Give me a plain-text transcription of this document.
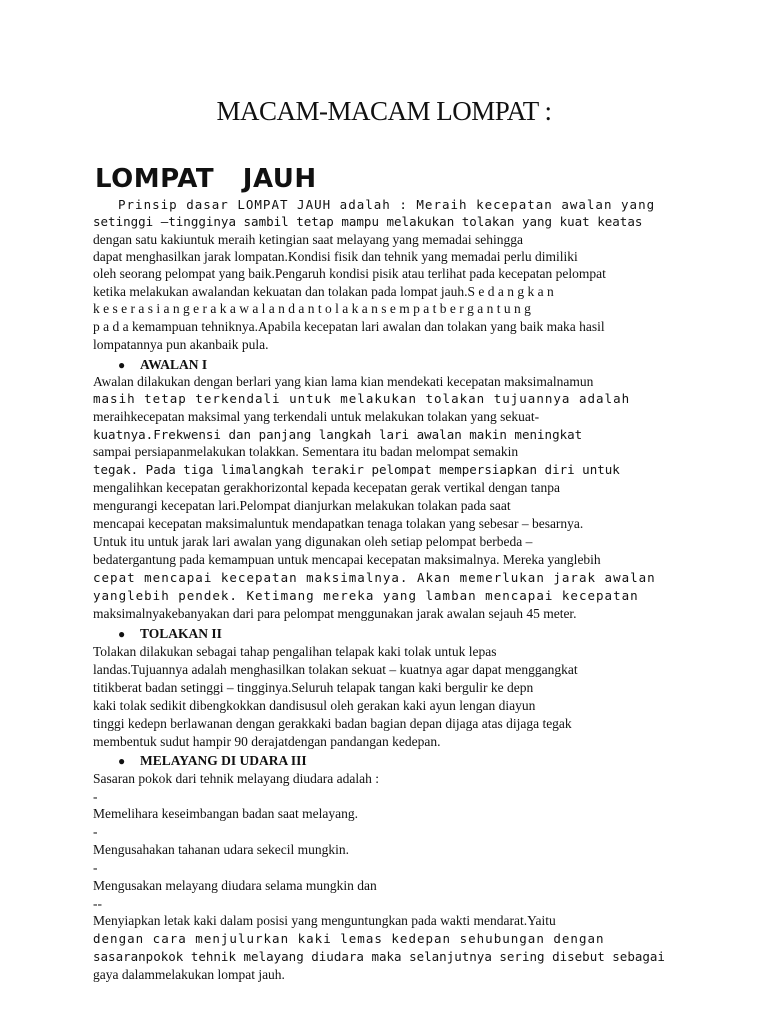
MACAM-MACAM LOMPAT :
LOMPAT   JAUH

Prinsip dasar LOMPAT JAUH adalah : Meraih kecepatan awalan yang

setinggi –tingginya sambil tetap mampu melakukan tolakan yang kuat keatas

dengan satu kakiuntuk meraih ketingian saat melayang yang memadai sehingga

dapat menghasilkan jarak lompatan.Kondisi fisik dan tehnik yang memadai perlu dimiliki

oleh seorang pelompat yang baik.Pengaruh kondisi pisik atau terlihat pada kecepatan pelompat

ketika melakukan awalandan kekuatan dan tolakan pada lompat jauh.S e d a n g k a n

k e s e r a s i a n g e r a k a w a l a n d a n t o l a k a n s e m p a t b e r g a n t u n g

p a d a kemampuan tehniknya.Apabila kecepatan lari awalan dan tolakan yang baik maka hasil

lompatannya pun akanbaik pula.

● AWALAN I

Awalan dilakukan dengan berlari yang kian lama kian mendekati kecepatan maksimalnamun

masih tetap terkendali untuk melakukan tolakan tujuannya adalah

meraihkecepatan maksimal yang terkendali untuk melakukan tolakan yang sekuat-

kuatnya.Frekwensi dan panjang langkah lari awalan makin meningkat

sampai persiapanmelakukan tolakkan. Sementara itu badan melompat semakin

tegak. Pada tiga limalangkah terakir pelompat mempersiapkan diri untuk

mengalihkan kecepatan gerakhorizontal kepada kecepatan gerak vertikal dengan tanpa

mengurangi kecepatan lari.Pelompat dianjurkan melakukan tolakan pada saat

mencapai kecepatan maksimaluntuk mendapatkan tenaga tolakan yang sebesar – besarnya.

Untuk itu untuk jarak lari awalan yang digunakan oleh setiap pelompat berbeda –

bedatergantung pada kemampuan untuk mencapai kecepatan maksimalnya. Mereka yanglebih

cepat mencapai kecepatan maksimalnya. Akan memerlukan jarak awalan

yanglebih pendek. Ketimang mereka yang lamban mencapai kecepatan

maksimalnyakebanyakan dari para pelompat menggunakan jarak awalan sejauh 45 meter.

● TOLAKAN II

Tolakan dilakukan sebagai tahap pengalihan telapak kaki tolak untuk lepas

landas.Tujuannya adalah menghasilkan tolakan sekuat – kuatnya agar dapat menggangkat

titikberat badan setinggi – tingginya.Seluruh telapak tangan kaki bergulir ke depn

kaki tolak sedikit dibengkokkan dandisusul oleh gerakan kaki ayun lengan diayun

tinggi kedepn berlawanan dengan gerakkaki badan bagian depan dijaga atas dijaga tegak

membentuk sudut hampir 90 derajatdengan pandangan kedepan.

● MELAYANG DI UDARA III

Sasaran pokok dari tehnik melayang diudara adalah :

-

Memelihara keseimbangan badan saat melayang.

-

Mengusahakan tahanan udara sekecil mungkin.

-

Mengusakan melayang diudara selama mungkin dan

--

Menyiapkan letak kaki dalam posisi yang menguntungkan pada wakti mendarat.Yaitu

dengan cara menjulurkan kaki lemas kedepan sehubungan dengan

sasaranpokok tehnik melayang diudara maka selanjutnya sering disebut sebagai

gaya dalammelakukan lompat jauh.
